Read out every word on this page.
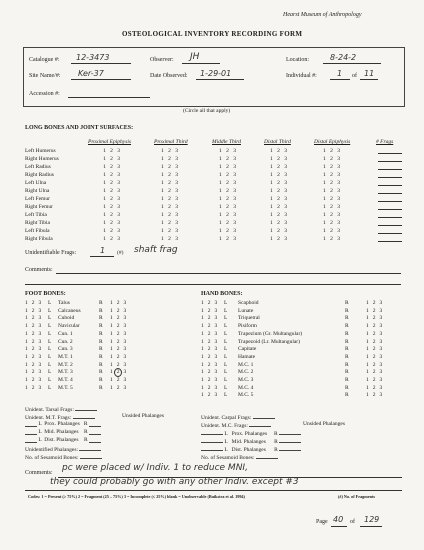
Hearst Museum of Anthropology
OSTEOLOGICAL INVENTORY RECORDING FORM
Catalogue #: 12-3473	Observer: JH	Location:	8-24-2
Site Name/#: Ker-37	Date Observed: 1-29-01	Individual #:	1 of 11
Accession #:
(Circle all that apply)
LONG BONES AND JOINT SURFACES:
Proximal Epiphysis	Proximal Third	Middle Third	Distal Third	Distal Epiphysis	# Frags
Left Humerus	1 2 3	1 2 3	1 2 3	1 2 3	1 2 3
Right Humerus	1 2 3	1 2 3	1 2 3	1 2 3	1 2 3
Left Radius	1 2 3	1 2 3	1 2 3	1 2 3	1 2 3
Right Radius	1 2 3	1 2 3	1 2 3	1 2 3	1 2 3
Left Ulna	1 2 3	1 2 3	1 2 3	1 2 3	1 2 3
Right Ulna	1 2 3	1 2 3	1 2 3	1 2 3	1 2 3
Left Femur	1 2 3	1 2 3	1 2 3	1 2 3	1 2 3
Right Femur	1 2 3	1 2 3	1 2 3	1 2 3	1 2 3
Left Tibia	1 2 3	1 2 3	1 2 3	1 2 3	1 2 3
Right Tibia	1 2 3	1 2 3	1 2 3	1 2 3	1 2 3
Left Fibula	1 2 3	1 2 3	1 2 3	1 2 3	1 2 3
Right Fibula	1 2 3	1 2 3	1 2 3	1 2 3	1 2 3
Unidentifiable Frags:	1 (#) shaft frag
Comments:
FOOT BONES:	HAND BONES:
1 2 3 L Talus	R 1 2 3
1 2 3 L Calcaneus	R 1 2 3
1 2 3 L Cuboid	R 1 2 3
1 2 3 L Navicular	R 1 2 3
1 2 3 L Cun. 1	R 1 2 3
1 2 3 L Cun. 2	R 1 2 3
1 2 3 L Cun. 3	R 1 2 3
1 2 3 L M.T. 1	R 1 2 3
1 2 3 L M.T. 2	R 1 2 3
1 2 3 L M.T. 3	R 1 2 3
1 2 3 L M.T. 4	R 1 2 3
1 2 3 L M.T. 5	R 1 2 3
1 2 3 L Scaphoid	R	1 2 3
1 2 3 L Lunate	R	1 2 3
1 2 3 L Triquetral	R	1 2 3
1 2 3 L Pisiform	R	1 2 3
1 2 3 L Trapezium (Gr. Multangular)	R	1 2 3
1 2 3 L Trapezoid (Lr. Multangular)	R	1 2 3
1 2 3 L Capitate	R	1 2 3
1 2 3 L Hamate	R	1 2 3
1 2 3 L M.C. 1	R	1 2 3
1 2 3 L M.C. 2	R	1 2 3
1 2 3 L M.C. 3	R	1 2 3
1 2 3 L M.C. 4	R	1 2 3
1 2 3 L M.C. 5	R	1 2 3
Unident. Tarsal Frags:
Unident. M.T. Frags:	Unsided Phalanges
L Prox. Phalanges R
L Mid. Phalanges R
L Dist. Phalanges R
Unidentified Phalanges:
No. of Sesamoid Bones:
Unident. Carpal Frags:
Unident. M.C. Frags:	Unsided Phalanges
L Prox. Phalanges R
L Mid. Phalanges R
L Dist. Phalanges R
No. of Sesamoid Bones:
Comments: pc were placed w/ Indiv. 1 to reduce MNI,
they could probably go with any other Indiv. except #3
Codes: 1 = Present (≥ 75%) 2 = Fragment (25 – 75%) 3 = Incomplete (≤ 25%) blank = Unobservable (Buikstra et al. 1994)	(#) No. of Fragments
Page 40 of 129
